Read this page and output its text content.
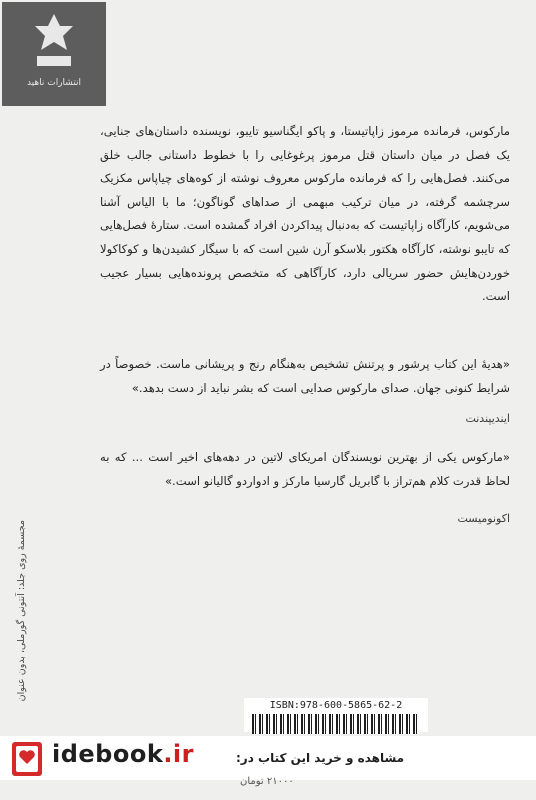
انتشارات ناهید
مارکوس، فرمانده مرموز زاپاتیستا، و پاکو ایگناسیو تایبو، نویسنده داستان‌های جنایی، یک فصل در میان داستان قتل مرموز پرغوغایی را با خطوط داستانی جالب خلق می‌کنند. فصل‌هایی را که فرمانده مارکوس معروف نوشته از کوه‌های چیاپاس مکزیک سرچشمه گرفته، در میان ترکیب مبهمی از صداهای گوناگون؛ ما با الیاس آشنا می‌شویم، کارآگاه زاپاتیست که به‌دنبال پیداکردن افراد گمشده است. ستارهٔ فصل‌هایی که تایبو نوشته، کارآگاه هکتور بلاسکو آرن شین است که با سیگار کشیدن‌ها و کوکاکولا خوردن‌هایش حضور سریالی دارد، کارآگاهی که متخصص پرونده‌هایی بسیار عجیب است.
«هدیهٔ این کتاب پرشور و پرتنش تشخیص به‌هنگام رنج و پریشانی ماست. خصوصاً در شرایط کنونی جهان. صدای مارکوس صدایی است که بشر نباید از دست بدهد.»
ایندیپندنت
«مارکوس یکی از بهترین نویسندگان امریکای لاتین در دهه‌های اخیر است ... که به لحاظ قدرت کلام هم‌تراز با گابریل گارسیا مارکز و ادواردو گالیانو است.»
اکونومیست
مجسمهٔ روی جلد: آنتونی گورملی، بدون عنوان
ISBN:978-600-5865-62-2
idebook.ir	مشاهده و خرید این کتاب در:
۲۱۰۰۰ تومان
